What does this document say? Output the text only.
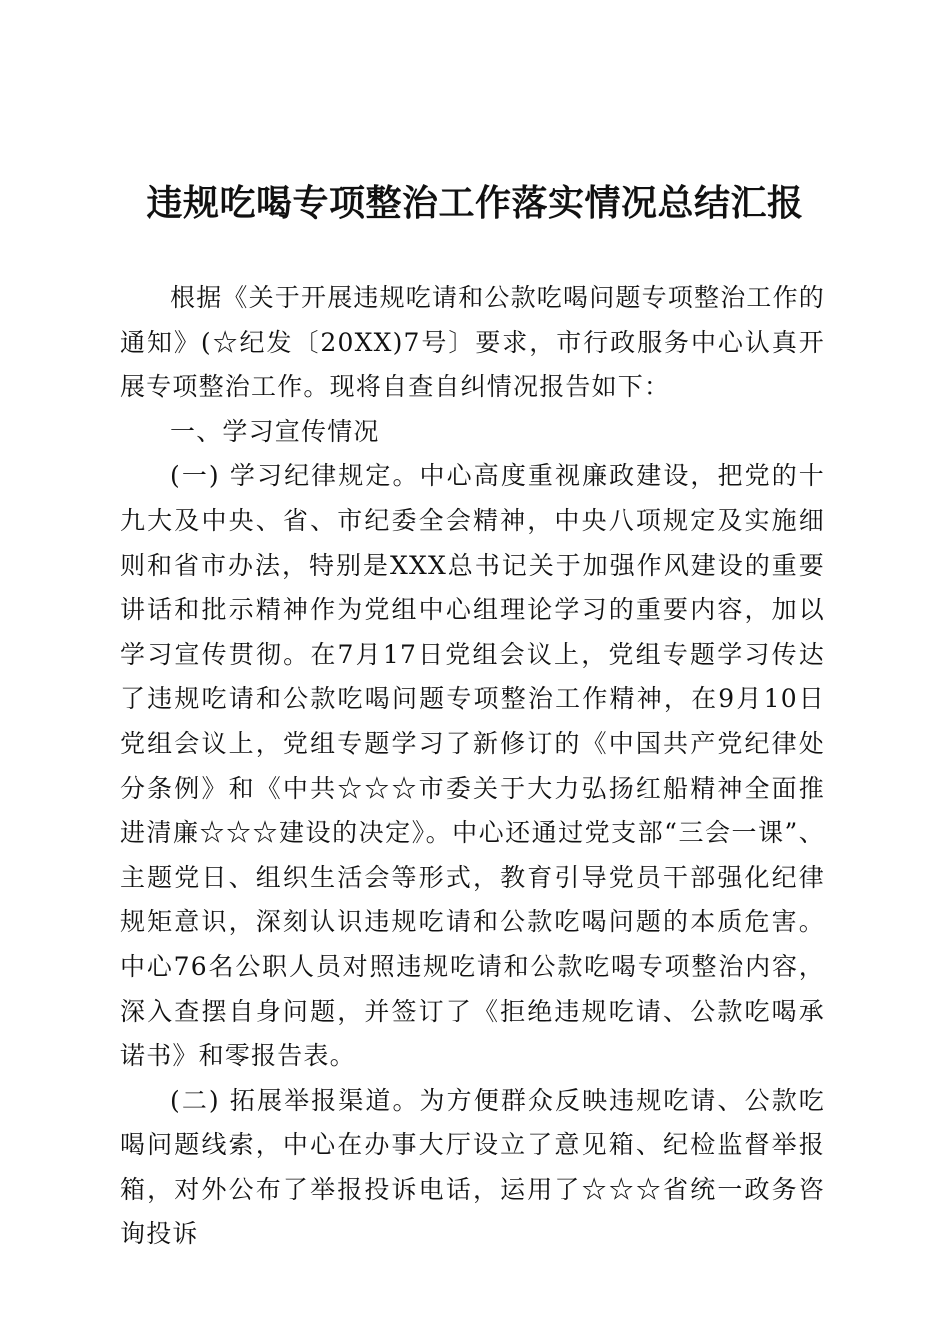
违规吃喝专项整治工作落实情况总结汇报

根据《关于开展违规吃请和公款吃喝问题专项整治工作的通知》(☆纪发〔20XX)7号〕要求，市行政服务中心认真开展专项整治工作。现将自查自纠情况报告如下：

一、学习宣传情况

(一) 学习纪律规定。中心高度重视廉政建设，把党的十九大及中央、省、市纪委全会精神，中央八项规定及实施细则和省市办法，特别是XXX总书记关于加强作风建设的重要讲话和批示精神作为党组中心组理论学习的重要内容，加以学习宣传贯彻。在7月17日党组会议上，党组专题学习传达了违规吃请和公款吃喝问题专项整治工作精神，在9月10日党组会议上，党组专题学习了新修订的《中国共产党纪律处分条例》和《中共☆☆☆市委关于大力弘扬红船精神全面推进清廉☆☆☆建设的决定》。中心还通过党支部“三会一课”、主题党日、组织生活会等形式，教育引导党员干部强化纪律规矩意识，深刻认识违规吃请和公款吃喝问题的本质危害。中心76名公职人员对照违规吃请和公款吃喝专项整治内容，深入查摆自身问题，并签订了《拒绝违规吃请、公款吃喝承诺书》和零报告表。

(二) 拓展举报渠道。为方便群众反映违规吃请、公款吃喝问题线索，中心在办事大厅设立了意见箱、纪检监督举报箱，对外公布了举报投诉电话，运用了☆☆☆省统一政务咨询投诉
